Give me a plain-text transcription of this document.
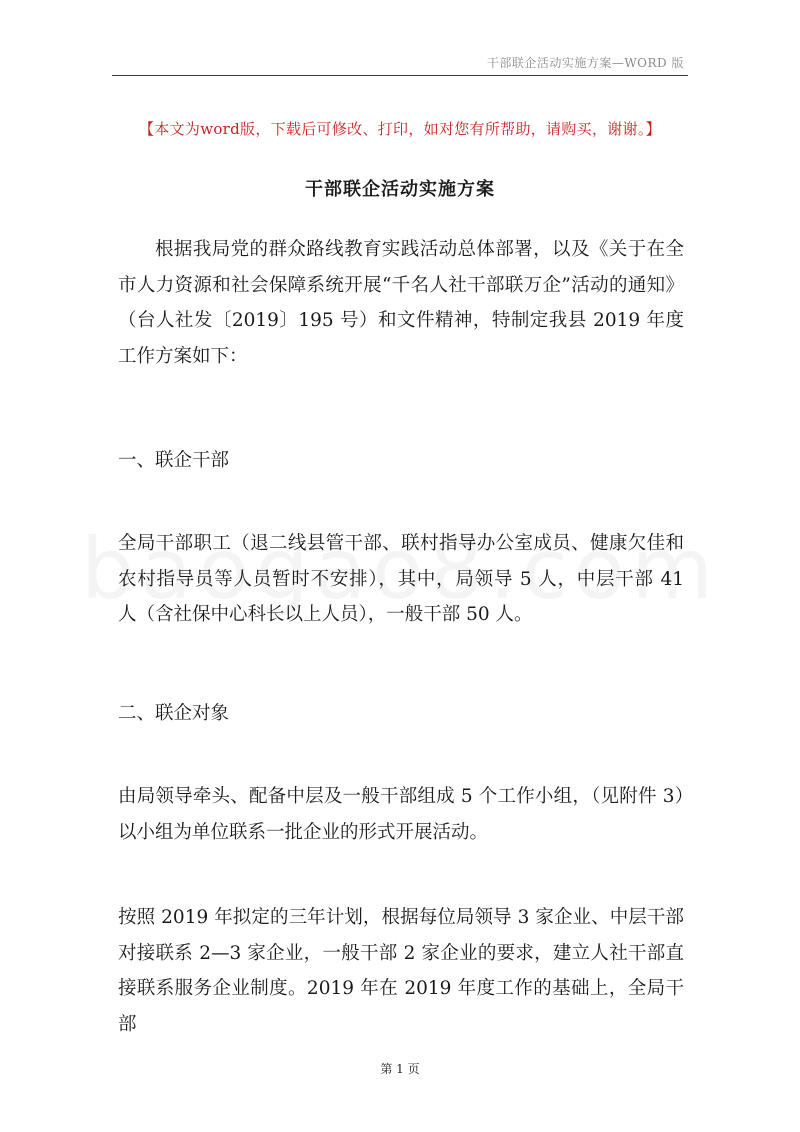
干部联企活动实施方案—WORD 版
【本文为word版，下载后可修改、打印，如对您有所帮助，请购买，谢谢。】
干部联企活动实施方案

根据我局党的群众路线教育实践活动总体部署，以及《关于在全市人力资源和社会保障系统开展“千名人社干部联万企”活动的通知》（台人社发〔2019〕195 号）和文件精神，特制定我县 2019 年度工作方案如下：

一、联企干部

全局干部职工（退二线县管干部、联村指导办公室成员、健康欠佳和农村指导员等人员暂时不安排），其中，局领导 5 人，中层干部 41 人（含社保中心科长以上人员），一般干部 50 人。

二、联企对象

由局领导牵头、配备中层及一般干部组成 5 个工作小组，（见附件 3）以小组为单位联系一批企业的形式开展活动。

按照 2019 年拟定的三年计划，根据每位局领导 3 家企业、中层干部对接联系 2—3 家企业，一般干部 2 家企业的要求，建立人社干部直接联系服务企业制度。2019 年在 2019 年度工作的基础上，全局干部

第 1 页
